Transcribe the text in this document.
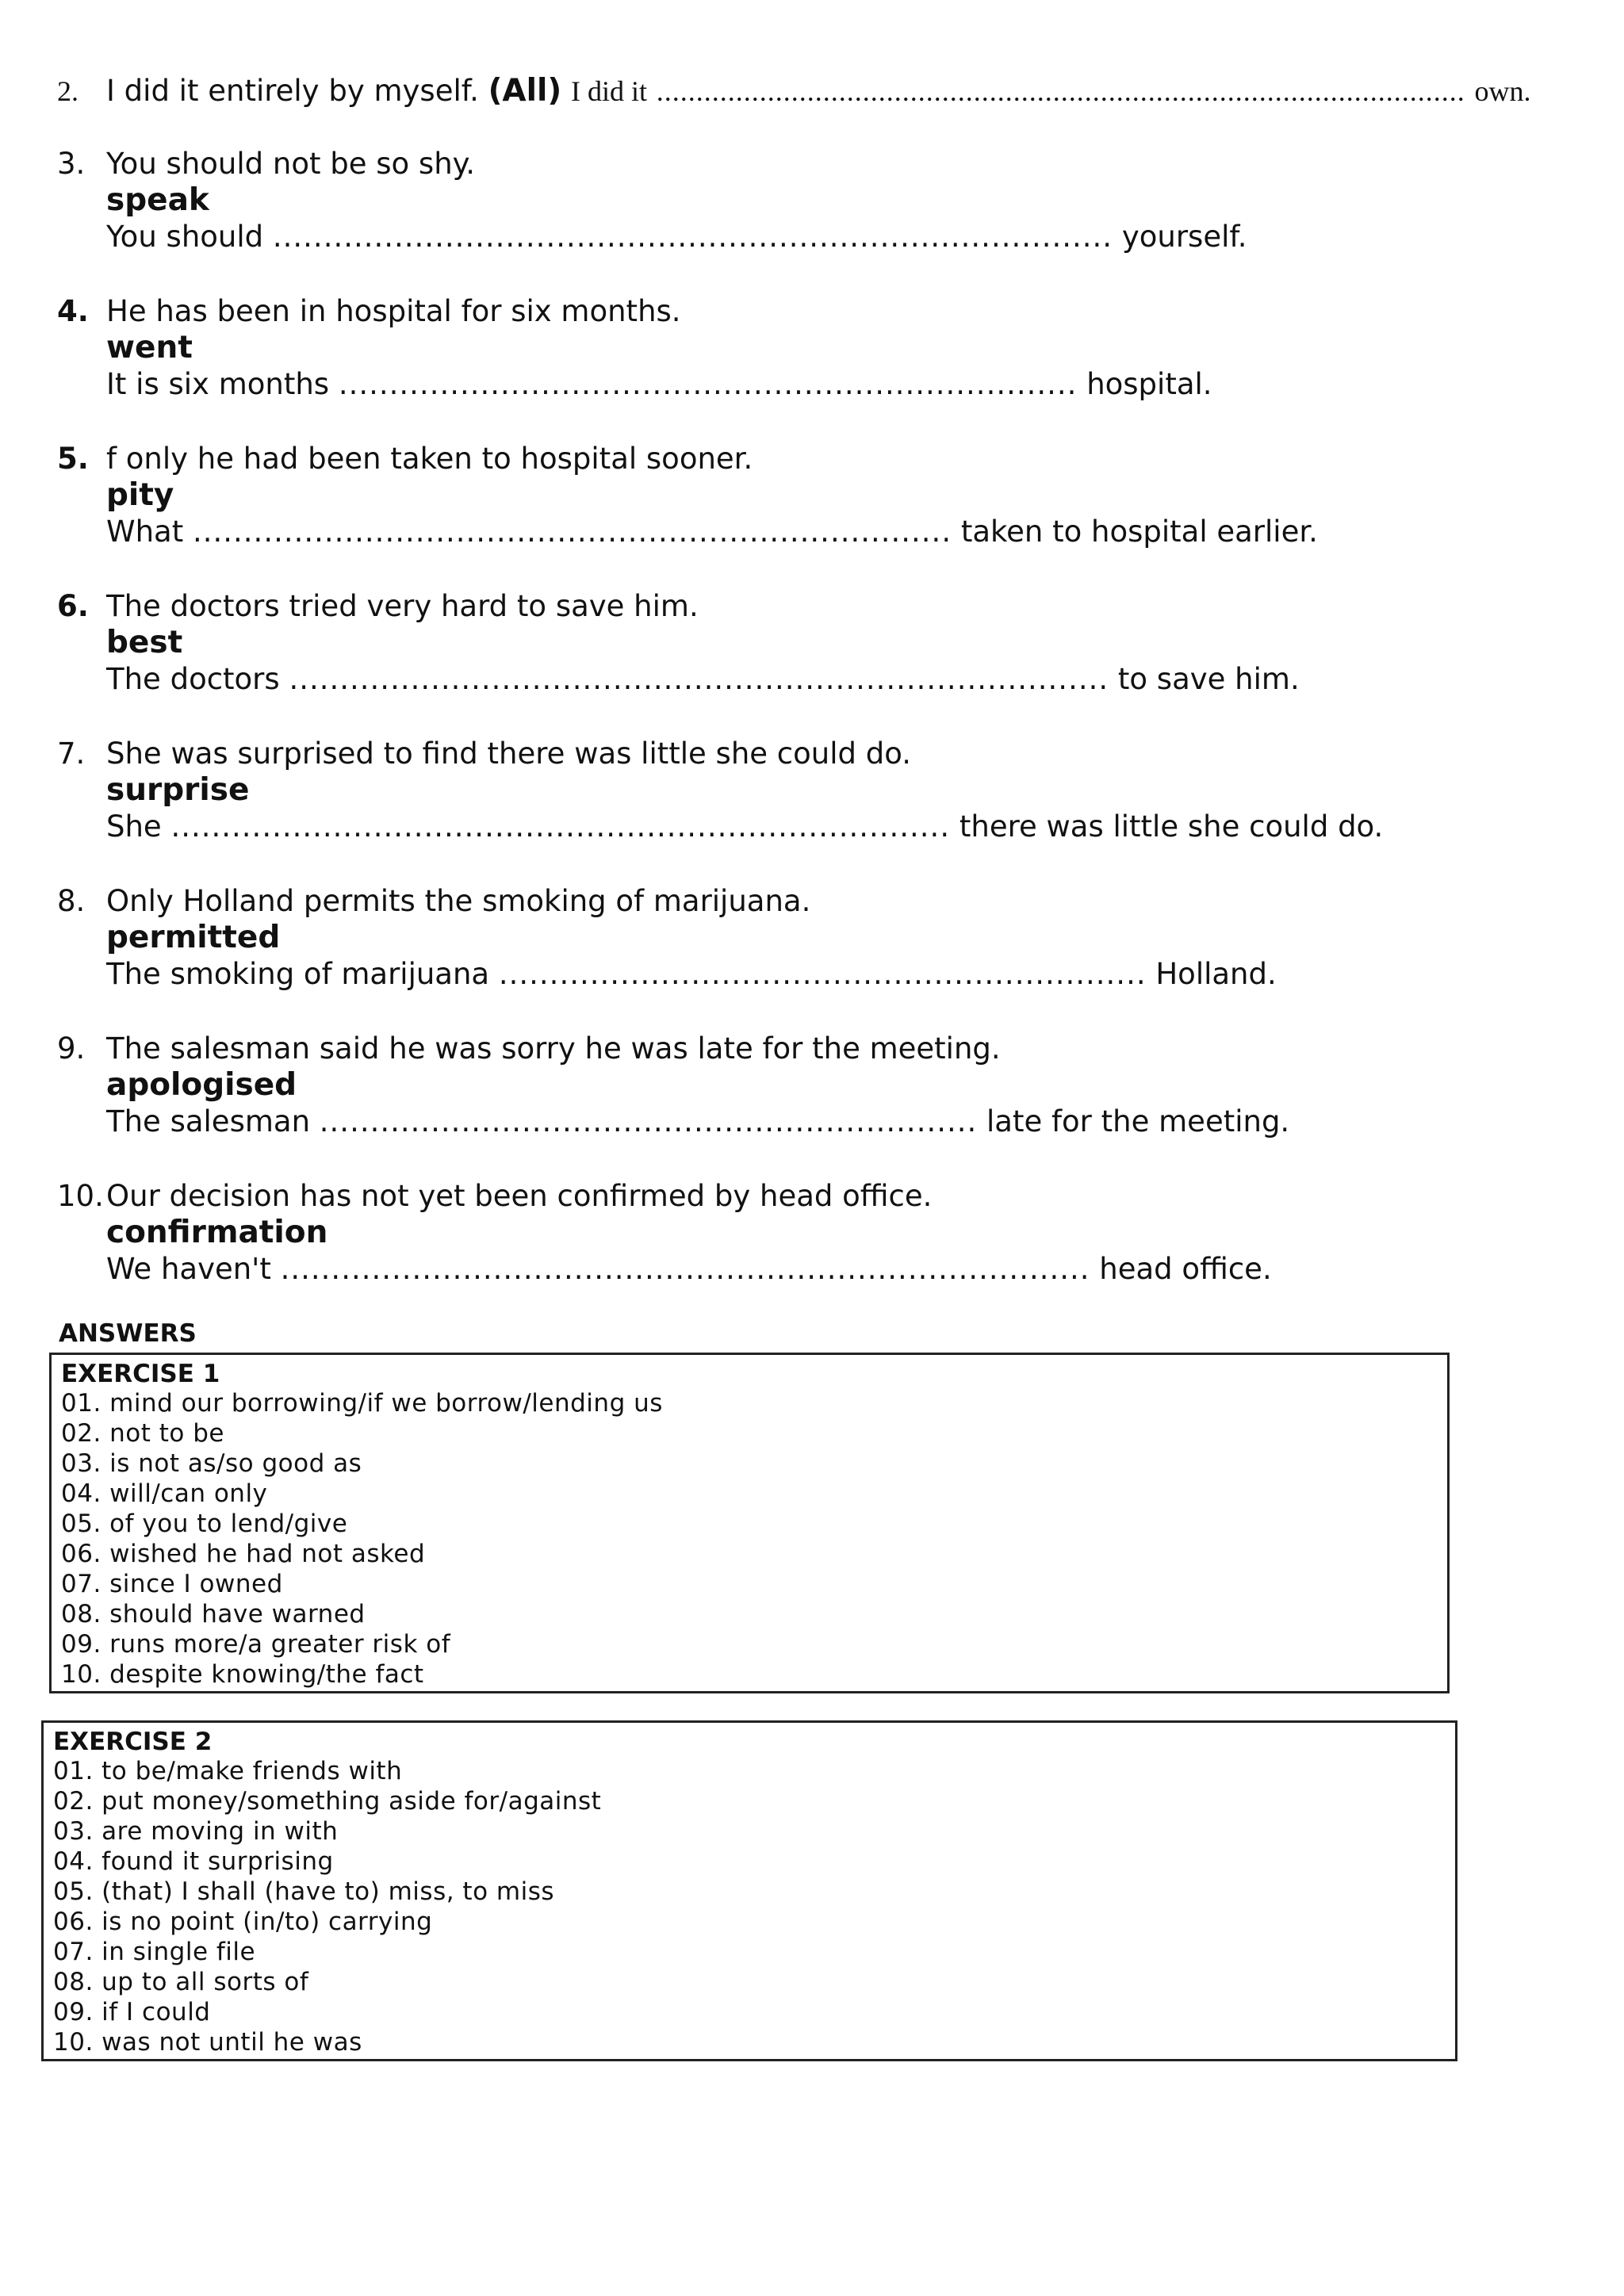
2. I did it entirely by myself. (All) I did it ...................................................................................................... own.
3. You should not be so shy.
speak
You should ................................................................................... yourself.
4. He has been in hospital for six months.
went
It is six months ......................................................................... hospital.
5. f only he had been taken to hospital sooner.
pity
What ........................................................................... taken to hospital earlier.
6. The doctors tried very hard to save him.
best
The doctors ................................................................................. to save him.
7. She was surprised to find there was little she could do.
surprise
She ............................................................................. there was little she could do.
8. Only Holland permits the smoking of marijuana.
permitted
The smoking of marijuana ................................................................ Holland.
9. The salesman said he was sorry he was late for the meeting.
apologised
The salesman ................................................................. late for the meeting.
10. Our decision has not yet been confirmed by head office.
confirmation
We haven't ................................................................................ head office.
ANSWERS
EXERCISE 1
01. mind our borrowing/if we borrow/lending us
02. not to be
03. is not as/so good as
04. will/can only
05. of you to lend/give
06. wished he had not asked
07. since I owned
08. should have warned
09. runs more/a greater risk of
10. despite knowing/the fact
EXERCISE 2
01. to be/make friends with
02. put money/something aside for/against
03. are moving in with
04. found it surprising
05. (that) I shall (have to) miss, to miss
06. is no point (in/to) carrying
07. in single file
08. up to all sorts of
09. if I could
10. was not until he was
